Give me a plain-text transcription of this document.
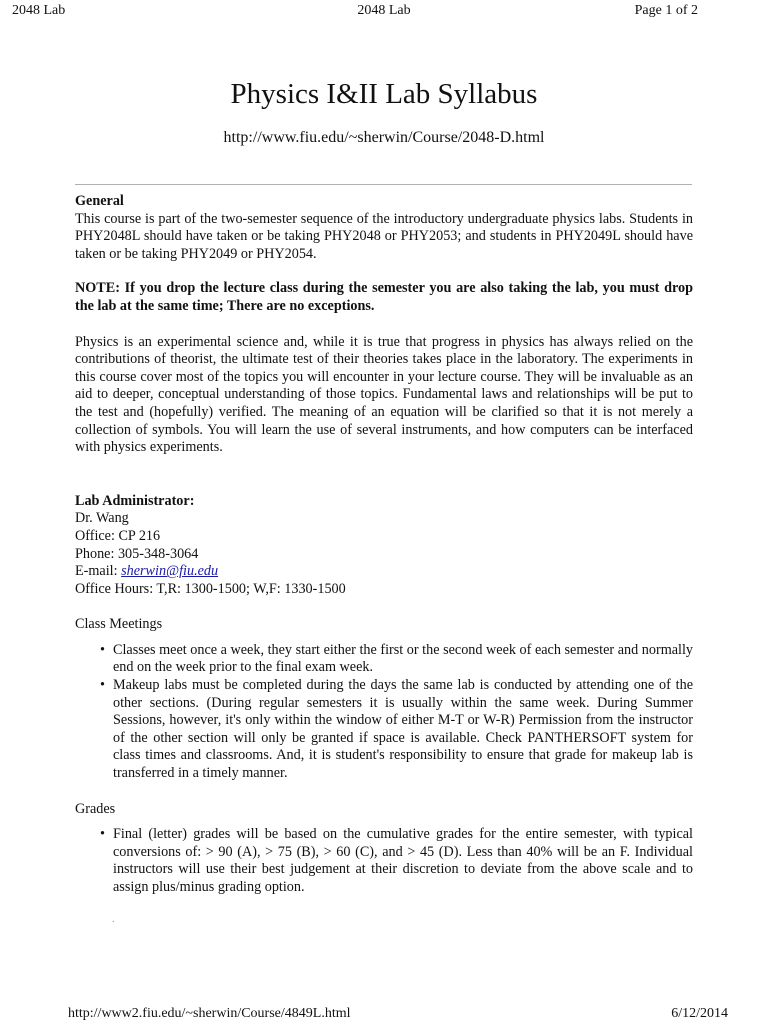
2048 Lab	2048 Lab	Page 1 of 2
Physics I&II Lab Syllabus
http://www.fiu.edu/~sherwin/Course/2048-D.html

General

This course is part of the two-semester sequence of the introductory undergraduate physics labs. Students in PHY2048L should have taken or be taking PHY2048 or PHY2053; and students in PHY2049L should have taken or be taking PHY2049 or PHY2054.

NOTE: If you drop the lecture class during the semester you are also taking the lab, you must drop the lab at the same time; There are no exceptions.

Physics is an experimental science and, while it is true that progress in physics has always relied on the contributions of theorist, the ultimate test of their theories takes place in the laboratory. The experiments in this course cover most of the topics you will encounter in your lecture course. They will be invaluable as an aid to deeper, conceptual understanding of those topics. Fundamental laws and relationships will be put to the test and (hopefully) verified. The meaning of an equation will be clarified so that it is not merely a collection of symbols. You will learn the use of several instruments, and how computers can be interfaced with physics experiments.

Lab Administrator:

Dr. Wang

Office: CP 216

Phone: 305-348-3064

E-mail: sherwin@fiu.edu

Office Hours: T,R: 1300-1500; W,F: 1330-1500

Class Meetings

• Classes meet once a week, they start either the first or the second week of each semester and normally end on the week prior to the final exam week.
• Makeup labs must be completed during the days the same lab is conducted by attending one of the other sections. (During regular semesters it is usually within the same week. During Summer Sessions, however, it's only within the window of either M-T or W-R) Permission from the instructor of the other section will only be granted if space is available. Check PANTHERSOFT system for class times and classrooms. And, it is student's responsibility to ensure that grade for makeup lab is transferred in a timely manner.

Grades

• Final (letter) grades will be based on the cumulative grades for the entire semester, with typical conversions of: > 90 (A), > 75 (B), > 60 (C), and > 45 (D). Less than 40% will be an F. Individual instructors will use their best judgement at their discretion to deviate from the above scale and to assign plus/minus grading option.
.
http://www2.fiu.edu/~sherwin/Course/4849L.html	6/12/2014
